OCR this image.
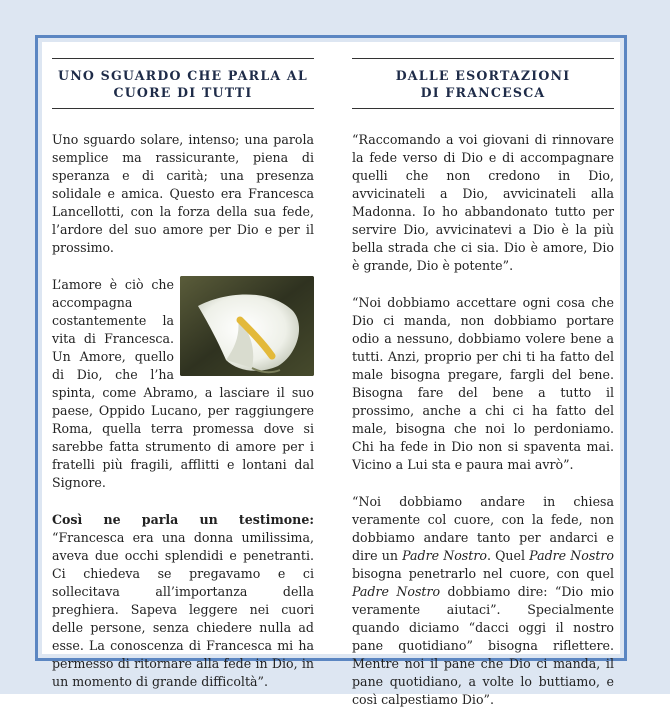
UNO SGUARDO CHE PARLA AL CUORE DI TUTTI

Uno sguardo solare, intenso; una parola semplice ma rassicurante, piena di speranza e di carità; una presenza solidale e amica. Questo era Francesca Lancellotti, con la forza della sua fede, l’ardore del suo amore per Dio e per il prossimo.

L’amore è ciò che accompagna costantemente la vita di Francesca. Un Amore, quello di Dio, che l’ha spinta, come Abramo, a lasciare il suo paese, Oppido Lucano, per raggiungere Roma, quella terra promessa dove si sarebbe fatta strumento di amore per i fratelli più fragili, afflitti e lontani dal Signore.

Così ne parla un testimone: “Francesca era una donna umilissima, aveva due occhi splendidi e penetranti. Ci chiedeva se pregavamo e ci sollecitava all’importanza della preghiera. Sapeva leggere nei cuori delle persone, senza chiedere nulla ad esse. La conoscenza di Francesca mi ha permesso di ritornare alla fede in Dio, in un momento di grande difficoltà”.

DALLE ESORTAZIONI DI FRANCESCA

“Raccomando a voi giovani di rinnovare la fede verso di Dio e di accompagnare quelli che non credono in Dio, avvicinateli a Dio, avvicinateli alla Madonna. Io ho abbandonato tutto per servire Dio, avvicinatevi a Dio è la più bella strada che ci sia. Dio è amore, Dio è grande, Dio è potente”.

“Noi dobbiamo accettare ogni cosa che Dio ci manda, non dobbiamo portare odio a nessuno, dobbiamo volere bene a tutti. Anzi, proprio per chi ti ha fatto del male bisogna pregare, fargli del bene. Bisogna fare del bene a tutto il prossimo, anche a chi ci ha fatto del male, bisogna che noi lo perdoniamo. Chi ha fede in Dio non si spaventa mai. Vicino a Lui sta e paura mai avrò”.

“Noi dobbiamo andare in chiesa veramente col cuore, con la fede, non dobbiamo andare tanto per andarci e dire un Padre Nostro. Quel Padre Nostro bisogna penetrarlo nel cuore, con quel Padre Nostro dobbiamo dire: “Dio mio veramente aiutaci”. Specialmente quando diciamo “dacci oggi il nostro pane quotidiano” bisogna riflettere. Mentre noi il pane che Dio ci manda, il pane quotidiano, a volte lo buttiamo, e così calpestiamo Dio”.
